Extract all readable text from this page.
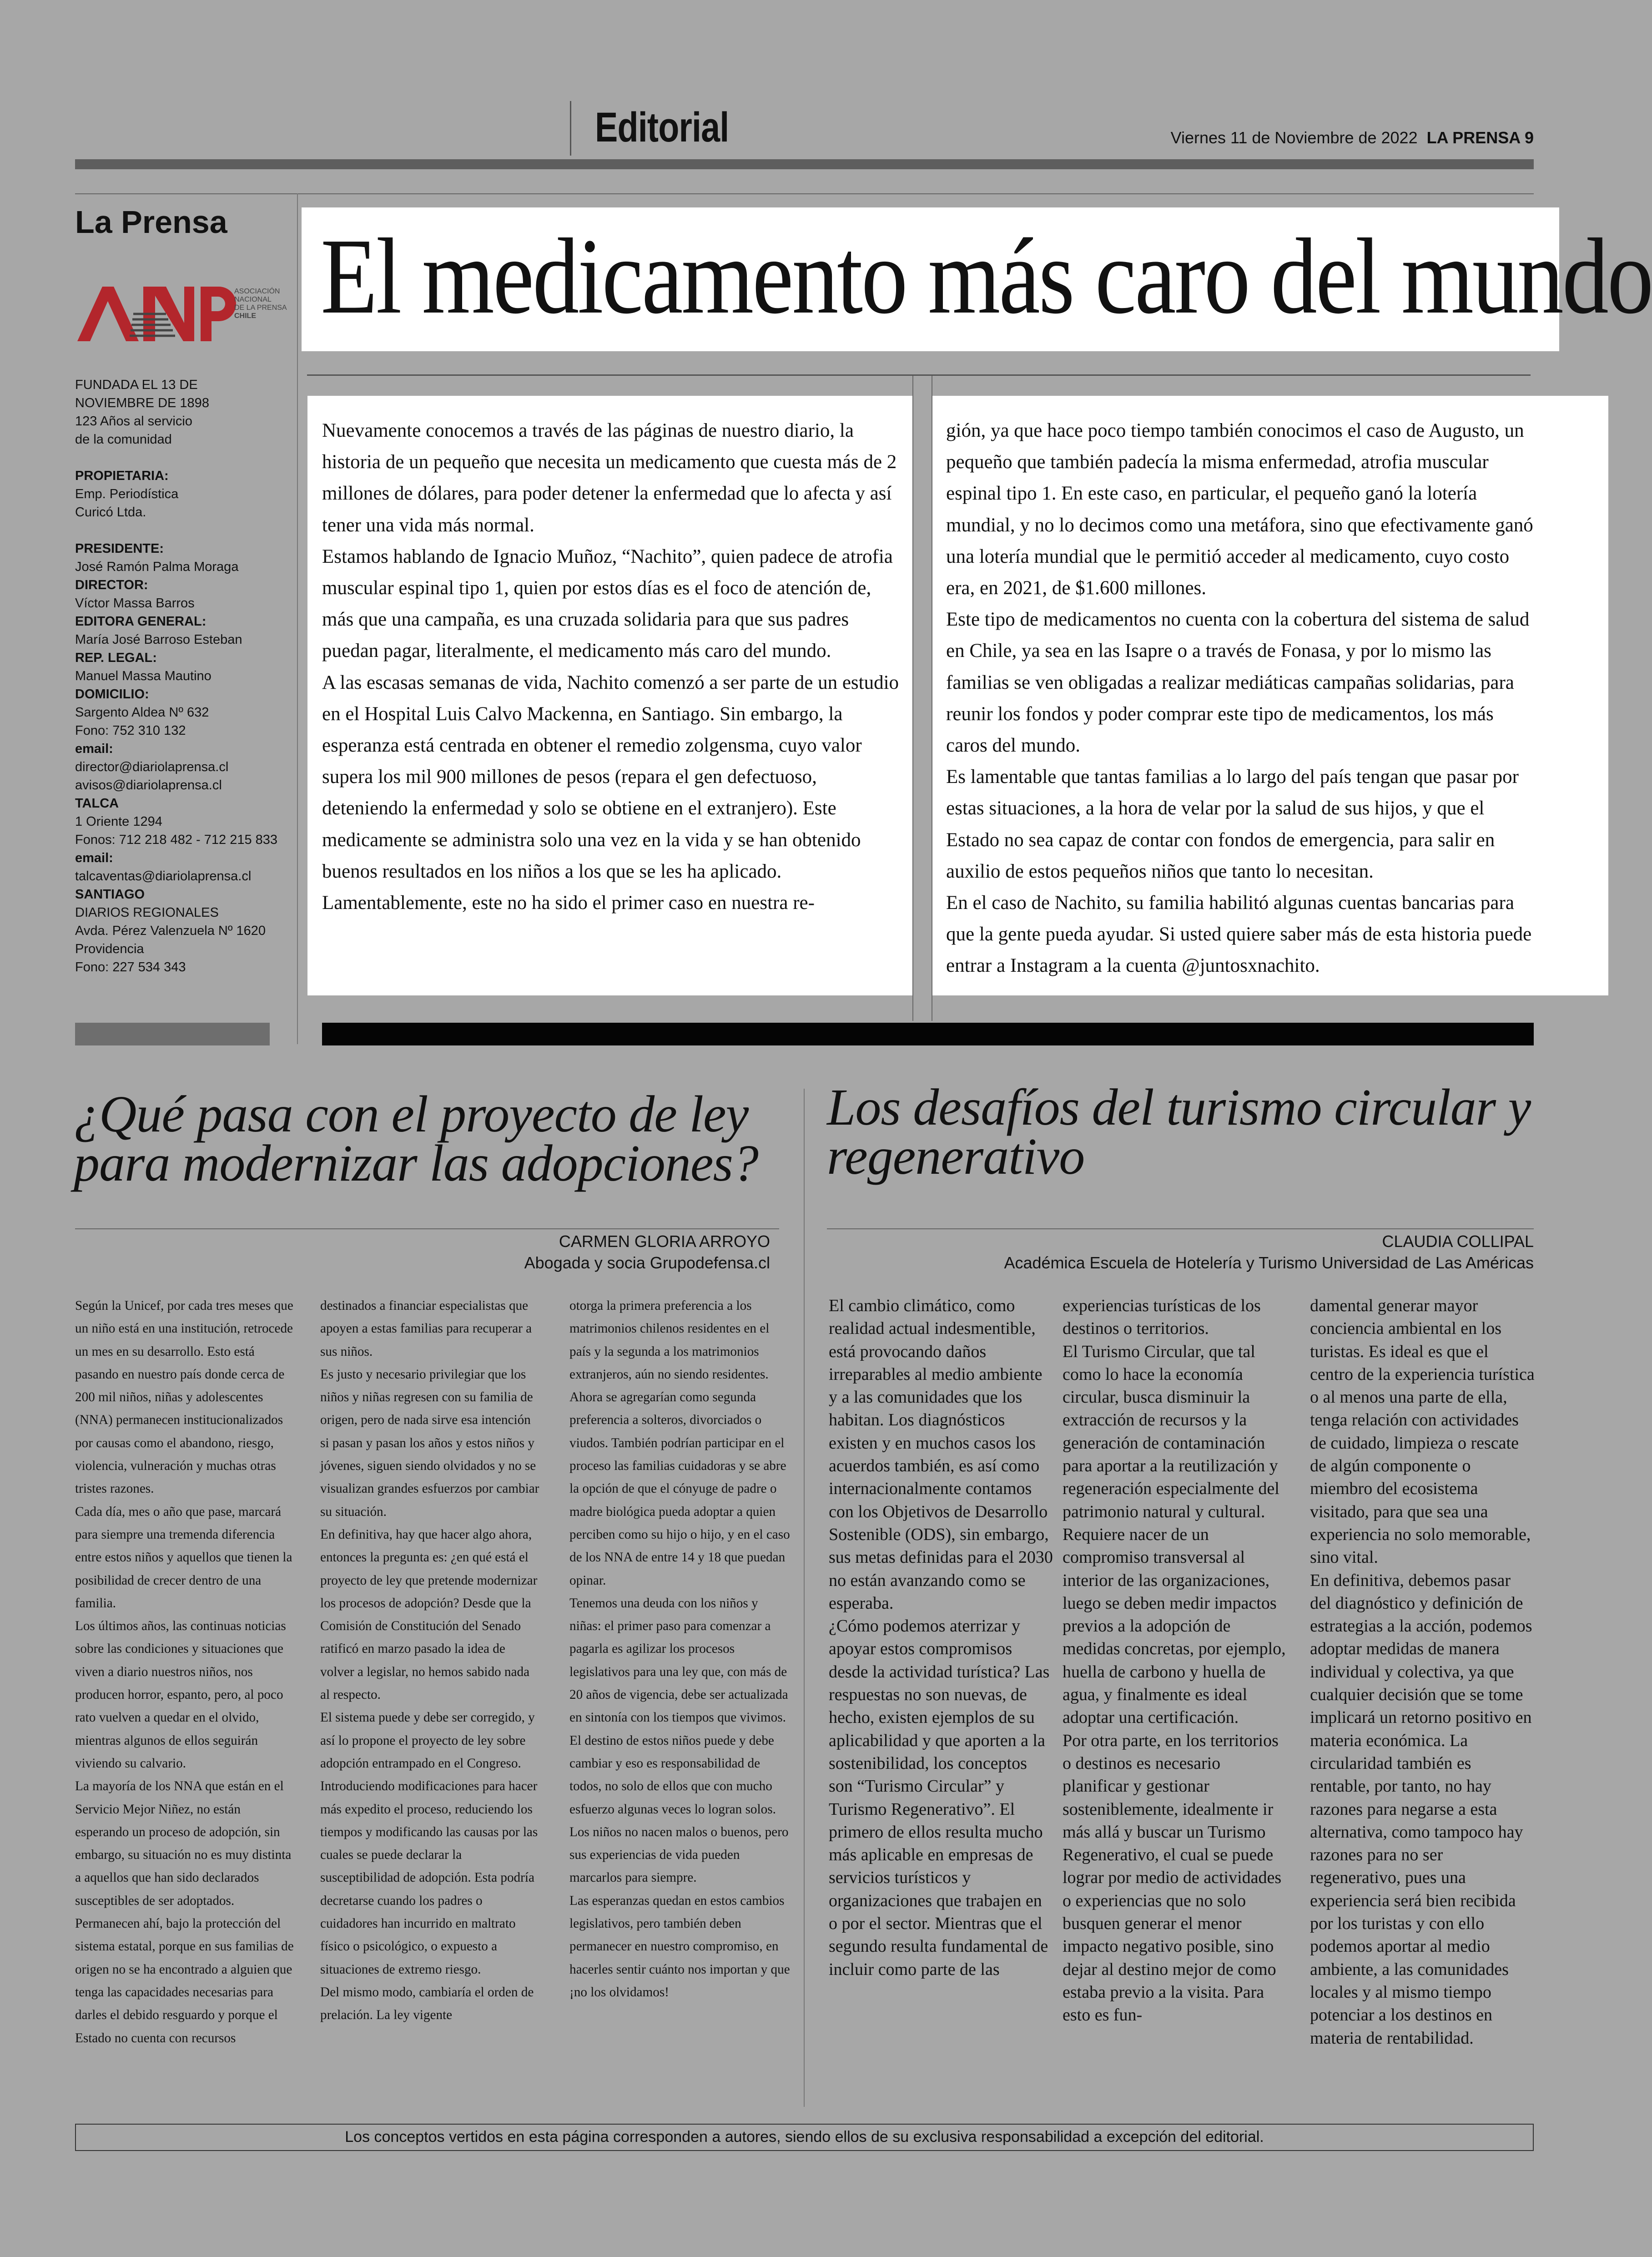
Editorial	Viernes 11 de Noviembre de 2022 LA PRENSA 9
La Prensa
ASOCIACIÓN
NACIONAL
DE LA PRENSA
CHILE
FUNDADA EL 13 DE
NOVIEMBRE DE 1898
123 Años al servicio
de la comunidad
PROPIETARIA:
Emp. Periodística
Curicó Ltda.
PRESIDENTE:
José Ramón Palma Moraga
DIRECTOR:
Víctor Massa Barros
EDITORA GENERAL:
María José Barroso Esteban
REP. LEGAL:
Manuel Massa Mautino
DOMICILIO:
Sargento Aldea Nº 632
Fono: 752 310 132
email:
director@diariolaprensa.cl
avisos@diariolaprensa.cl
TALCA
1 Oriente 1294
Fonos: 712 218 482 - 712 215 833
email:
talcaventas@diariolaprensa.cl
SANTIAGO
DIARIOS REGIONALES
Avda. Pérez Valenzuela Nº 1620
Providencia
Fono: 227 534 343
El medicamento más caro del mundo

Nuevamente conocemos a través de las páginas de nuestro diario, la historia de un pequeño que necesita un medicamento que cuesta más de 2 millones de dólares, para poder detener la enfermedad que lo afecta y así tener una vida más normal.

Estamos hablando de Ignacio Muñoz, “Nachito”, quien padece de atrofia muscular espinal tipo 1, quien por estos días es el foco de atención de, más que una campaña, es una cruzada solidaria para que sus padres puedan pagar, literalmente, el medicamento más caro del mundo.

A las escasas semanas de vida, Nachito comenzó a ser parte de un estudio en el Hospital Luis Calvo Mackenna, en Santiago. Sin embargo, la esperanza está centrada en obtener el remedio zolgensma, cuyo valor supera los mil 900 millones de pesos (repara el gen defectuoso, deteniendo la enfermedad y solo se obtiene en el extranjero). Este medicamente se administra solo una vez en la vida y se han obtenido buenos resultados en los niños a los que se les ha aplicado.

Lamentablemente, este no ha sido el primer caso en nuestra re-

gión, ya que hace poco tiempo también conocimos el caso de Augusto, un pequeño que también padecía la misma enfermedad, atrofia muscular espinal tipo 1. En este caso, en particular, el pequeño ganó la lotería mundial, y no lo decimos como una metáfora, sino que efectivamente ganó una lotería mundial que le permitió acceder al medicamento, cuyo costo era, en 2021, de $1.600 millones.

Este tipo de medicamentos no cuenta con la cobertura del sistema de salud en Chile, ya sea en las Isapre o a través de Fonasa, y por lo mismo las familias se ven obligadas a realizar mediáticas campañas solidarias, para reunir los fondos y poder comprar este tipo de medicamentos, los más caros del mundo.

Es lamentable que tantas familias a lo largo del país tengan que pasar por estas situaciones, a la hora de velar por la salud de sus hijos, y que el Estado no sea capaz de contar con fondos de emergencia, para salir en auxilio de estos pequeños niños que tanto lo necesitan.

En el caso de Nachito, su familia habilitó algunas cuentas bancarias para que la gente pueda ayudar. Si usted quiere saber más de esta historia puede entrar a Instagram a la cuenta @juntosxnachito.

¿Qué pasa con el proyecto de ley para modernizar las adopciones?
CARMEN GLORIA ARROYO
Abogada y socia Grupodefensa.cl

Según la Unicef, por cada tres meses que un niño está en una institución, retrocede un mes en su desarrollo. Esto está pasando en nuestro país donde cerca de 200 mil niños, niñas y adolescentes (NNA) permanecen institucionalizados por causas como el abandono, riesgo, violencia, vulneración y muchas otras tristes razones.

Cada día, mes o año que pase, marcará para siempre una tremenda diferencia entre estos niños y aquellos que tienen la posibilidad de crecer dentro de una familia.

Los últimos años, las continuas noticias sobre las condiciones y situaciones que viven a diario nuestros niños, nos producen horror, espanto, pero, al poco rato vuelven a quedar en el olvido, mientras algunos de ellos seguirán viviendo su calvario.

La mayoría de los NNA que están en el Servicio Mejor Niñez, no están esperando un proceso de adopción, sin embargo, su situación no es muy distinta a aquellos que han sido declarados susceptibles de ser adoptados. Permanecen ahí, bajo la protección del sistema estatal, porque en sus familias de origen no se ha encontrado a alguien que tenga las capacidades necesarias para darles el debido resguardo y porque el Estado no cuenta con recursos

destinados a financiar especialistas que apoyen a estas familias para recuperar a sus niños.

Es justo y necesario privilegiar que los niños y niñas regresen con su familia de origen, pero de nada sirve esa intención si pasan y pasan los años y estos niños y jóvenes, siguen siendo olvidados y no se visualizan grandes esfuerzos por cambiar su situación.

En definitiva, hay que hacer algo ahora, entonces la pregunta es: ¿en qué está el proyecto de ley que pretende modernizar los procesos de adopción? Desde que la Comisión de Constitución del Senado ratificó en marzo pasado la idea de volver a legislar, no hemos sabido nada al respecto.

El sistema puede y debe ser corregido, y así lo propone el proyecto de ley sobre adopción entrampado en el Congreso. Introduciendo modificaciones para hacer más expedito el proceso, reduciendo los tiempos y modificando las causas por las cuales se puede declarar la susceptibilidad de adopción. Esta podría decretarse cuando los padres o cuidadores han incurrido en maltrato físico o psicológico, o expuesto a situaciones de extremo riesgo.

Del mismo modo, cambiaría el orden de prelación. La ley vigente

otorga la primera preferencia a los matrimonios chilenos residentes en el país y la segunda a los matrimonios extranjeros, aún no siendo residentes. Ahora se agregarían como segunda preferencia a solteros, divorciados o viudos. También podrían participar en el proceso las familias cuidadoras y se abre la opción de que el cónyuge de padre o madre biológica pueda adoptar a quien perciben como su hijo o hijo, y en el caso de los NNA de entre 14 y 18 que puedan opinar.

Tenemos una deuda con los niños y niñas: el primer paso para comenzar a pagarla es agilizar los procesos legislativos para una ley que, con más de 20 años de vigencia, debe ser actualizada en sintonía con los tiempos que vivimos.

El destino de estos niños puede y debe cambiar y eso es responsabilidad de todos, no solo de ellos que con mucho esfuerzo algunas veces lo logran solos. Los niños no nacen malos o buenos, pero sus experiencias de vida pueden marcarlos para siempre.

Las esperanzas quedan en estos cambios legislativos, pero también deben permanecer en nuestro compromiso, en hacerles sentir cuánto nos importan y que ¡no los olvidamos!

Los desafíos del turismo circular y regenerativo
CLAUDIA COLLIPAL
Académica Escuela de Hotelería y Turismo Universidad de Las Américas

El cambio climático, como realidad actual indesmentible, está provocando daños irreparables al medio ambiente y a las comunidades que los habitan. Los diagnósticos existen y en muchos casos los acuerdos también, es así como internacionalmente contamos con los Objetivos de Desarrollo Sostenible (ODS), sin embargo, sus metas definidas para el 2030 no están avanzando como se esperaba.

¿Cómo podemos aterrizar y apoyar estos compromisos desde la actividad turística? Las respuestas no son nuevas, de hecho, existen ejemplos de su aplicabilidad y que aporten a la sostenibilidad, los conceptos son “Turismo Circular” y Turismo Regenerativo”. El primero de ellos resulta mucho más aplicable en empresas de servicios turísticos y organizaciones que trabajen en o por el sector. Mientras que el segundo resulta fundamental de incluir como parte de las

experiencias turísticas de los destinos o territorios.

El Turismo Circular, que tal como lo hace la economía circular, busca disminuir la extracción de recursos y la generación de contaminación para aportar a la reutilización y regeneración especialmente del patrimonio natural y cultural. Requiere nacer de un compromiso transversal al interior de las organizaciones, luego se deben medir impactos previos a la adopción de medidas concretas, por ejemplo, huella de carbono y huella de agua, y finalmente es ideal adoptar una certificación.

Por otra parte, en los territorios o destinos es necesario planificar y gestionar sosteniblemente, idealmente ir más allá y buscar un Turismo Regenerativo, el cual se puede lograr por medio de actividades o experiencias que no solo busquen generar el menor impacto negativo posible, sino dejar al destino mejor de como estaba previo a la visita. Para esto es fun-

damental generar mayor conciencia ambiental en los turistas. Es ideal es que el centro de la experiencia turística o al menos una parte de ella, tenga relación con actividades de cuidado, limpieza o rescate de algún componente o miembro del ecosistema visitado, para que sea una experiencia no solo memorable, sino vital.

En definitiva, debemos pasar del diagnóstico y definición de estrategias a la acción, podemos adoptar medidas de manera individual y colectiva, ya que cualquier decisión que se tome implicará un retorno positivo en materia económica. La circularidad también es rentable, por tanto, no hay razones para negarse a esta alternativa, como tampoco hay razones para no ser regenerativo, pues una experiencia será bien recibida por los turistas y con ello podemos aportar al medio ambiente, a las comunidades locales y al mismo tiempo potenciar a los destinos en materia de rentabilidad.

Los conceptos vertidos en esta página corresponden a autores, siendo ellos de su exclusiva responsabilidad a excepción del editorial.
